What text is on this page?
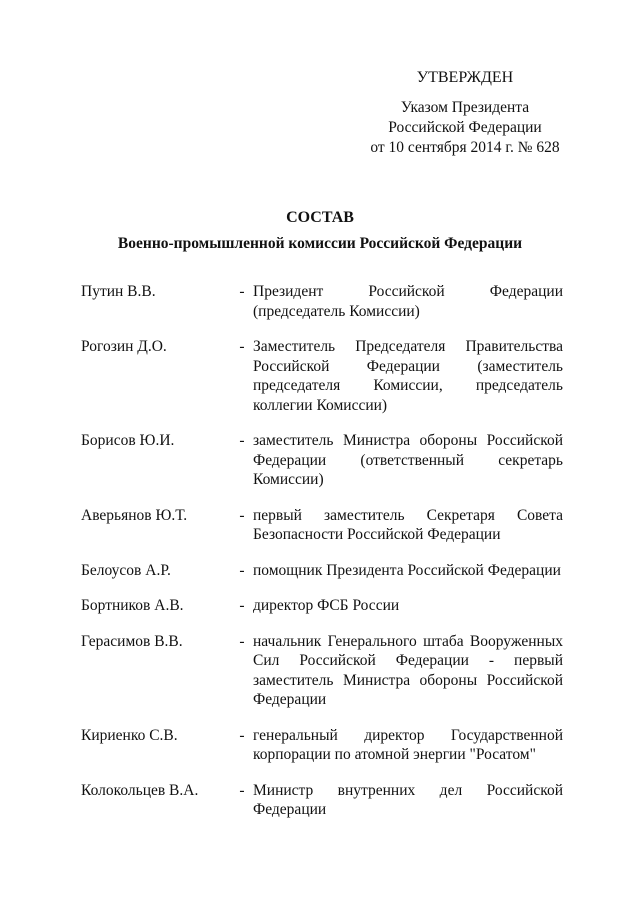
УТВЕРЖДЕН
Указом Президента
Российской Федерации
от 10 сентября 2014 г. № 628
СОСТАВ
Военно-промышленной комиссии Российской Федерации
Путин В.В.	- Президент Российской Федерации (председатель Комиссии)
Рогозин Д.О.	- Заместитель Председателя Правительства Российской Федерации (заместитель председателя Комиссии, председатель коллегии Комиссии)
Борисов Ю.И.	- заместитель Министра обороны Российской Федерации (ответственный секретарь Комиссии)
Аверьянов Ю.Т.	- первый заместитель Секретаря Совета Безопасности Российской Федерации
Белоусов А.Р.	- помощник Президента Российской Федерации
Бортников А.В.	- директор ФСБ России
Герасимов В.В.	- начальник Генерального штаба Вооруженных Сил Российской Федерации - первый заместитель Министра обороны Российской Федерации
Кириенко С.В.	- генеральный директор Государственной корпорации по атомной энергии "Росатом"
Колокольцев В.А.	- Министр внутренних дел Российской Федерации
